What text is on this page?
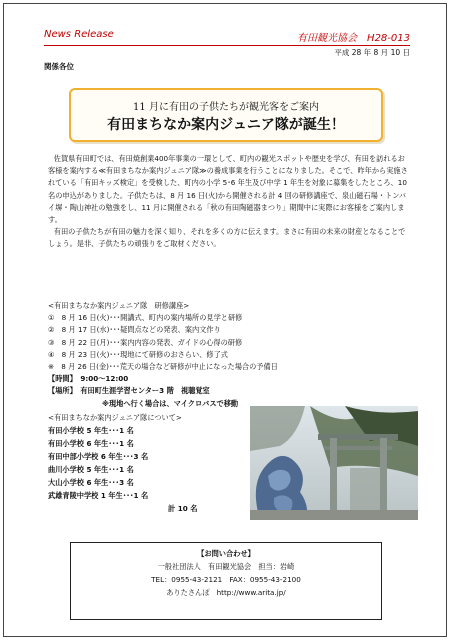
News Release	有田観光協会　H28-013
平成 28 年 8 月 10 日
関係各位
11 月に有田の子供たちが観光客をご案内
有田まちなか案内ジュニア隊が誕生！

佐賀県有田町では、有田焼創業400年事業の一環として、町内の観光スポットや歴史を学び、有田を訪れるお客様を案内する≪有田まちなか案内ジュニア隊≫の養成事業を行うことになりました。そこで、昨年から実施されている「有田キッズ検定」を受検した、町内の小学 5･6 年生及び中学 1 年生を対象に募集をしたところ、10 名の申込がありました。子供たちは、8 月 16 日(火)から開催される計 4 回の研修講座で、泉山磁石場・トンバイ塀・陶山神社の勉強をし、11 月に開催される「秋の有田陶磁器まつり」期間中に実際にお客様をご案内します。

有田の子供たちが有田の魅力を深く知り、それを多くの方に伝えます。まさに有田の未来の財産となることでしょう。是非、子供たちの頑張りをご取材ください。

<有田まちなか案内ジュニア隊　研修講座>
①　8 月 16 日(火)･･･開講式、町内の案内場所の見学と研修
②　8 月 17 日(水)･･･疑問点などの発表、案内文作り
③　8 月 22 日(月)･･･案内内容の発表、ガイドの心得の研修
④　8 月 23 日(火)･･･現地にて研修のおさらい、修了式
※　8 月 26 日(金)･･･荒天の場合など研修が中止になった場合の予備日
【時間】　9:00～12:00
【場所】　有田町生涯学習センター3 階　視聴覚室
※現地へ行く場合は、マイクロバスで移動
<有田まちなか案内ジュニア隊について>
有田小学校 5 年生･･･1 名
有田小学校 6 年生･･･1 名
有田中部小学校 6 年生･･･3 名
曲川小学校 5 年生･･･1 名
大山小学校 6 年生･･･3 名
武雄青陵中学校 1 年生･･･1 名
計 10 名
【お問い合わせ】
一般社団法人　有田観光協会　担当：岩崎
TEL：0955-43-2121　FAX：0955-43-2100
ありたさんぽ　http://www.arita.jp/
